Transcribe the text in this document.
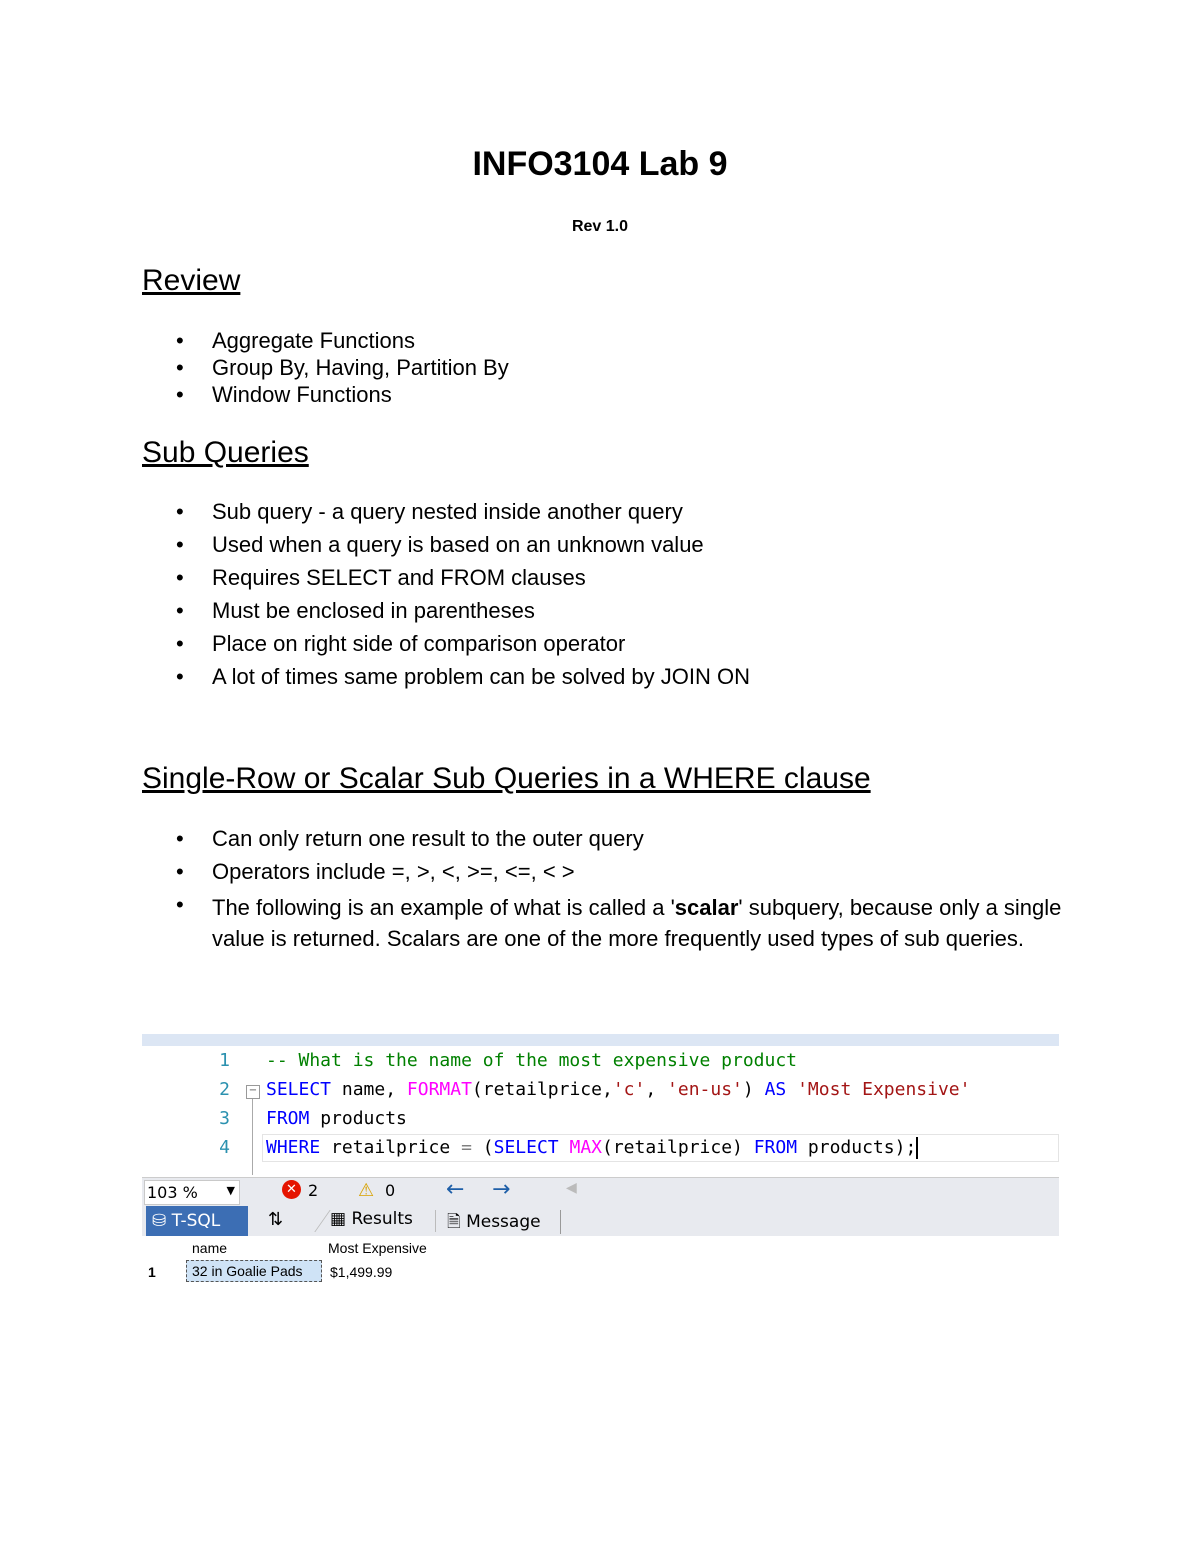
INFO3104 Lab 9
Rev 1.0
Review
• Aggregate Functions
• Group By, Having, Partition By
• Window Functions
Sub Queries
• Sub query - a query nested inside another query
• Used when a query is based on an unknown value
• Requires SELECT and FROM clauses
• Must be enclosed in parentheses
• Place on right side of comparison operator
• A lot of times same problem can be solved by JOIN ON
Single-Row or Scalar Sub Queries in a WHERE clause
• Can only return one result to the outer query
• Operators include =, >, <, >=, <=, < >
• The following is an example of what is called a 'scalar' subquery, because only a single value is returned. Scalars are one of the more frequently used types of sub queries.
1
2
3
4
−
-- What is the name of the most expensive product
SELECT name, FORMAT(retailprice,'c', 'en-us') AS 'Most Expensive'
FROM products
WHERE retailprice = (SELECT MAX(retailprice) FROM products);
103 %	▼	✕ 2 ⚠ 0 ← →	◀
⛁ T-SQL	⇅	▦ Results 🗎 Message
name	Most Expensive
1	32 in Goalie Pads	$1,499.99
